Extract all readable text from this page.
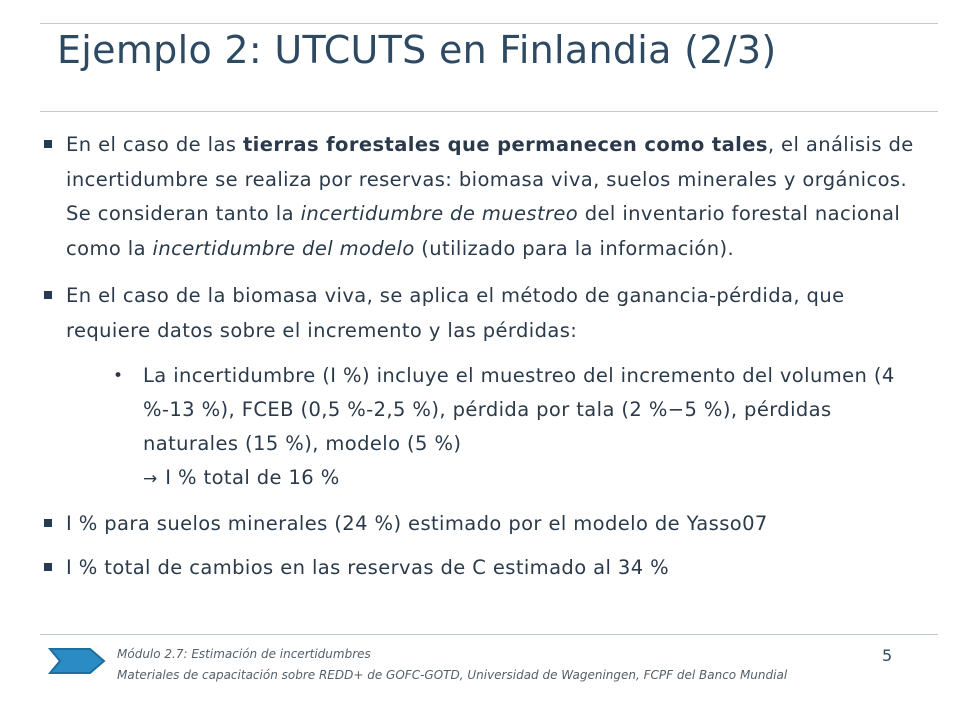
Ejemplo 2: UTCUTS en Finlandia (2/3)
En el caso de las tierras forestales que permanecen como tales, el análisis de incertidumbre se realiza por reservas: biomasa viva, suelos minerales y orgánicos. Se consideran tanto la incertidumbre de muestreo del inventario forestal nacional como la incertidumbre del modelo (utilizado para la información).
En el caso de la biomasa viva, se aplica el método de ganancia-pérdida, que requiere datos sobre el incremento y las pérdidas:
• La incertidumbre (I %) incluye el muestreo del incremento del volumen (4 %-13 %), FCEB (0,5 %-2,5 %), pérdida por tala (2 %−5 %), pérdidas naturales (15 %), modelo (5 %)
→ I % total de 16 %
I % para suelos minerales (24 %) estimado por el modelo de Yasso07
I % total de cambios en las reservas de C estimado al 34 %
Módulo 2.7: Estimación de incertidumbres
Materiales de capacitación sobre REDD+ de GOFC-GOTD, Universidad de Wageningen, FCPF del Banco Mundial
5
